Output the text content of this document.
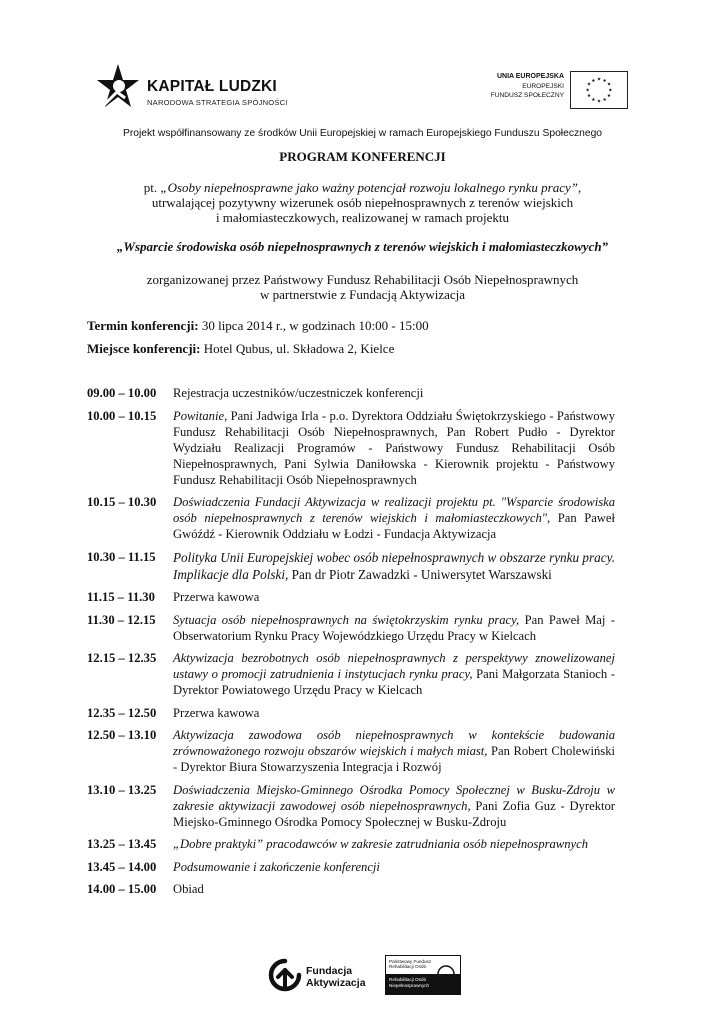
KAPITAŁ LUDZKI
NARODOWA STRATEGIA SPÓJNOŚCI
UNIA EUROPEJSKA
EUROPEJSKI
FUNDUSZ SPOŁECZNY
★ ★
★
★
★
★
★
★
★
★
★
★
Projekt współfinansowany ze środków Unii Europejskiej w ramach Europejskiego Funduszu Społecznego
PROGRAM KONFERENCJI
pt. „Osoby niepełnosprawne jako ważny potencjał rozwoju lokalnego rynku pracy”,
utrwalającej pozytywny wizerunek osób niepełnosprawnych z terenów wiejskich
i małomiasteczkowych, realizowanej w ramach projektu
„Wsparcie środowiska osób niepełnosprawnych z terenów wiejskich i małomiasteczkowych”
zorganizowanej przez Państwowy Fundusz Rehabilitacji Osób Niepełnosprawnych
w partnerstwie z Fundacją Aktywizacja
Termin konferencji: 30 lipca 2014 r., w godzinach 10:00 - 15:00
Miejsce konferencji: Hotel Qubus, ul. Składowa 2, Kielce
09.00 – 10.00	Rejestracja uczestników/uczestniczek konferencji
10.00 – 10.15	Powitanie, Pani Jadwiga Irla - p.o. Dyrektora Oddziału Świętokrzyskiego - Państwowy Fundusz Rehabilitacji Osób Niepełnosprawnych, Pan Robert Pudło - Dyrektor Wydziału Realizacji Programów - Państwowy Fundusz Rehabilitacji Osób Niepełnosprawnych, Pani Sylwia Daniłowska - Kierownik projektu - Państwowy Fundusz Rehabilitacji Osób Niepełnosprawnych
10.15 – 10.30	Doświadczenia Fundacji Aktywizacja w realizacji projektu pt. "Wsparcie środowiska osób niepełnosprawnych z terenów wiejskich i małomiasteczkowych", Pan Paweł Gwóźdź - Kierownik Oddziału w Łodzi - Fundacja Aktywizacja
10.30 – 11.15	Polityka Unii Europejskiej wobec osób niepełnosprawnych w obszarze rynku pracy. Implikacje dla Polski, Pan dr Piotr Zawadzki - Uniwersytet Warszawski
11.15 – 11.30	Przerwa kawowa
11.30 – 12.15	Sytuacja osób niepełnosprawnych na świętokrzyskim rynku pracy, Pan Paweł Maj - Obserwatorium Rynku Pracy Wojewódzkiego Urzędu Pracy w Kielcach
12.15 – 12.35	Aktywizacja bezrobotnych osób niepełnosprawnych z perspektywy znowelizowanej ustawy o promocji zatrudnienia i instytucjach rynku pracy, Pani Małgorzata Stanioch - Dyrektor Powiatowego Urzędu Pracy w Kielcach
12.35 – 12.50	Przerwa kawowa
12.50 – 13.10	Aktywizacja zawodowa osób niepełnosprawnych w kontekście budowania zrównoważonego rozwoju obszarów wiejskich i małych miast, Pan Robert Cholewiński - Dyrektor Biura Stowarzyszenia Integracja i Rozwój
13.10 – 13.25	Doświadczenia Miejsko-Gminnego Ośrodka Pomocy Społecznej w Busku-Zdroju w zakresie aktywizacji zawodowej osób niepełnosprawnych, Pani Zofia Guz - Dyrektor Miejsko-Gminnego Ośrodka Pomocy Społecznej w Busku-Zdroju
13.25 – 13.45	„Dobre praktyki” pracodawców w zakresie zatrudniania osób niepełnosprawnych
13.45 – 14.00	Podsumowanie i zakończenie konferencji
14.00 – 15.00	Obiad
Fundacja
Aktywizacja
Państwowy Fundusz
Rehabilitacji Osób
Rehabilitacji Osób
Niepełnosprawnych
